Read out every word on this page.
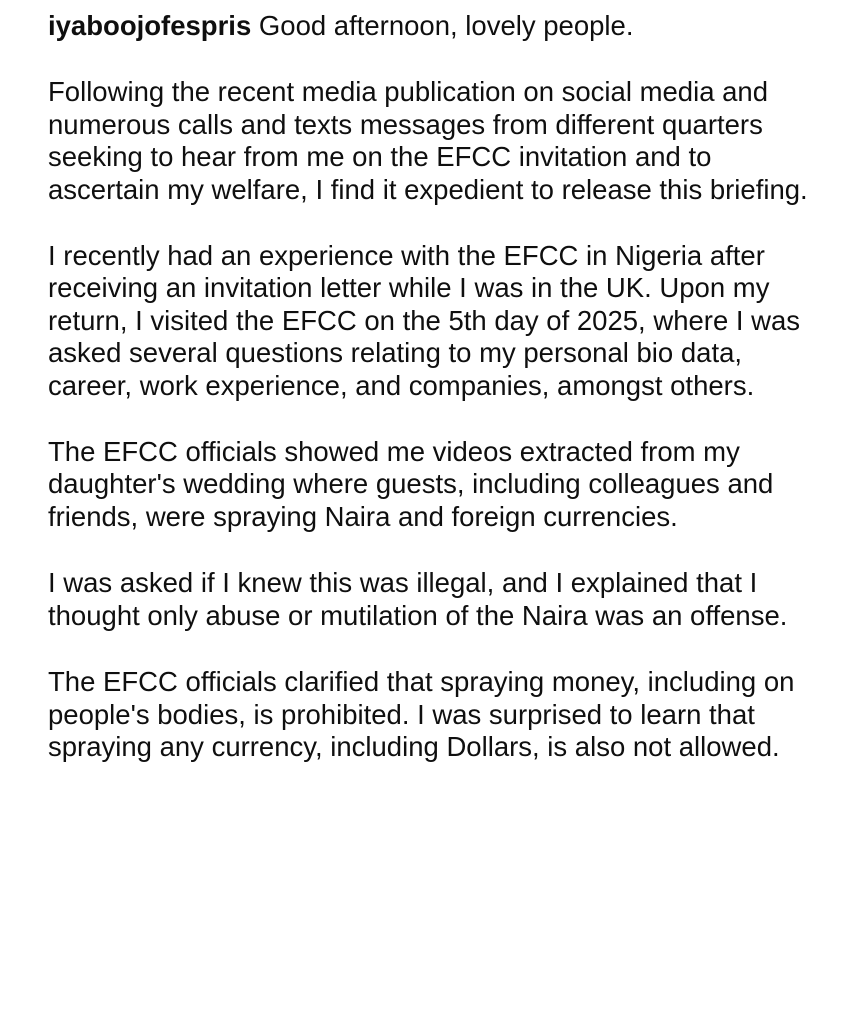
iyaboojofespris Good afternoon, lovely people.

Following the recent media publication on social media and numerous calls and texts messages from different quarters seeking to hear from me on the EFCC invitation and to ascertain my welfare, I find it expedient to release this briefing.

I recently had an experience with the EFCC in Nigeria after receiving an invitation letter while I was in the UK. Upon my return, I visited the EFCC on the 5th day of 2025, where I was asked several questions relating to my personal bio data, career, work experience, and companies, amongst others.

The EFCC officials showed me videos extracted from my daughter's wedding where guests, including colleagues and friends, were spraying Naira and foreign currencies.

I was asked if I knew this was illegal, and I explained that I thought only abuse or mutilation of the Naira was an offense.

The EFCC officials clarified that spraying money, including on people's bodies, is prohibited. I was surprised to learn that spraying any currency, including Dollars, is also not allowed.
